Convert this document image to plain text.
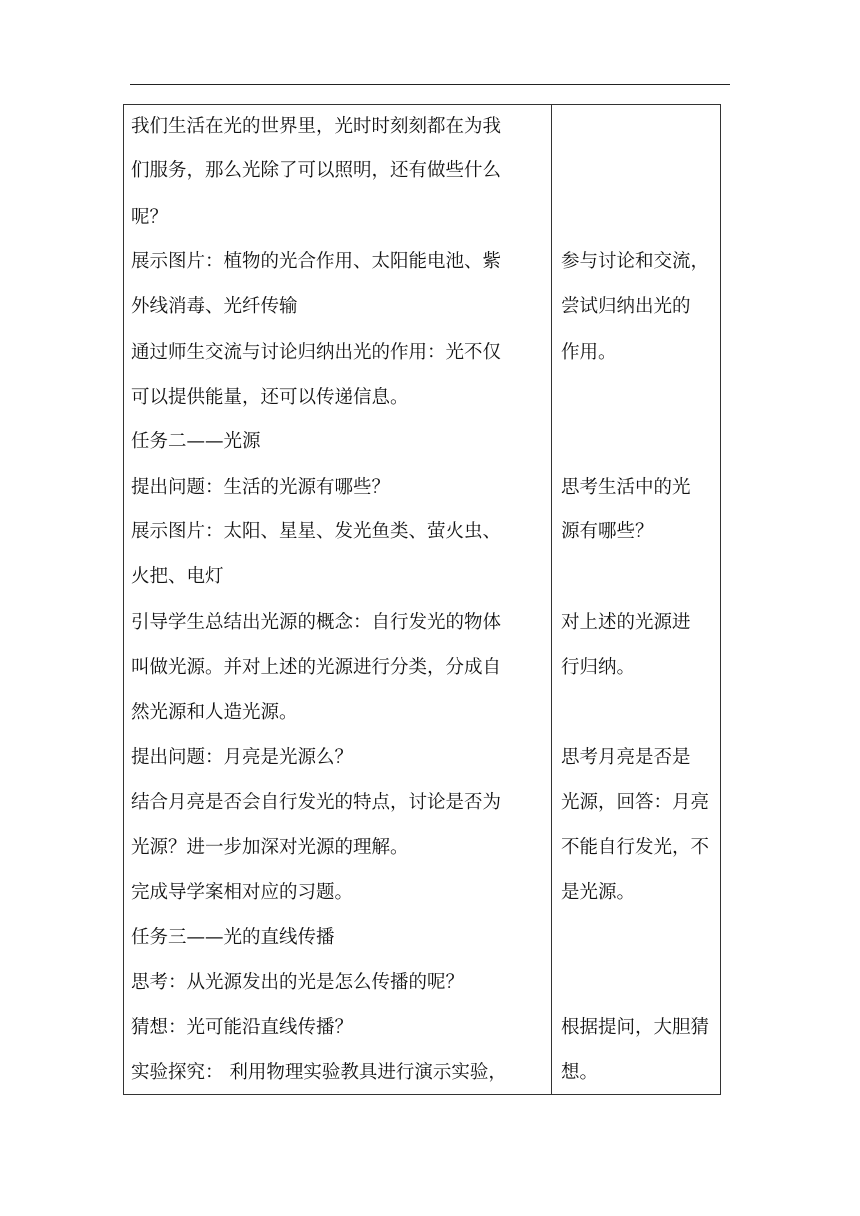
我们生活在光的世界里，光时时刻刻都在为我
们服务，那么光除了可以照明，还有做些什么
呢？
展示图片：植物的光合作用、太阳能电池、紫
外线消毒、光纤传输
通过师生交流与讨论归纳出光的作用：光不仅
可以提供能量，还可以传递信息。
任务二——光源
提出问题：生活的光源有哪些？
展示图片：太阳、星星、发光鱼类、萤火虫、
火把、电灯
引导学生总结出光源的概念：自行发光的物体
叫做光源。并对上述的光源进行分类，分成自
然光源和人造光源。
提出问题：月亮是光源么？
结合月亮是否会自行发光的特点，讨论是否为
光源？进一步加深对光源的理解。
完成导学案相对应的习题。
任务三——光的直线传播
思考：从光源发出的光是怎么传播的呢？
猜想：光可能沿直线传播？
实验探究： 利用物理实验教具进行演示实验，
参与讨论和交流，
尝试归纳出光的
作用。
思考生活中的光
源有哪些？
对上述的光源进
行归纳。
思考月亮是否是
光源，回答：月亮
不能自行发光，不
是光源。
根据提问，大胆猜
想。
